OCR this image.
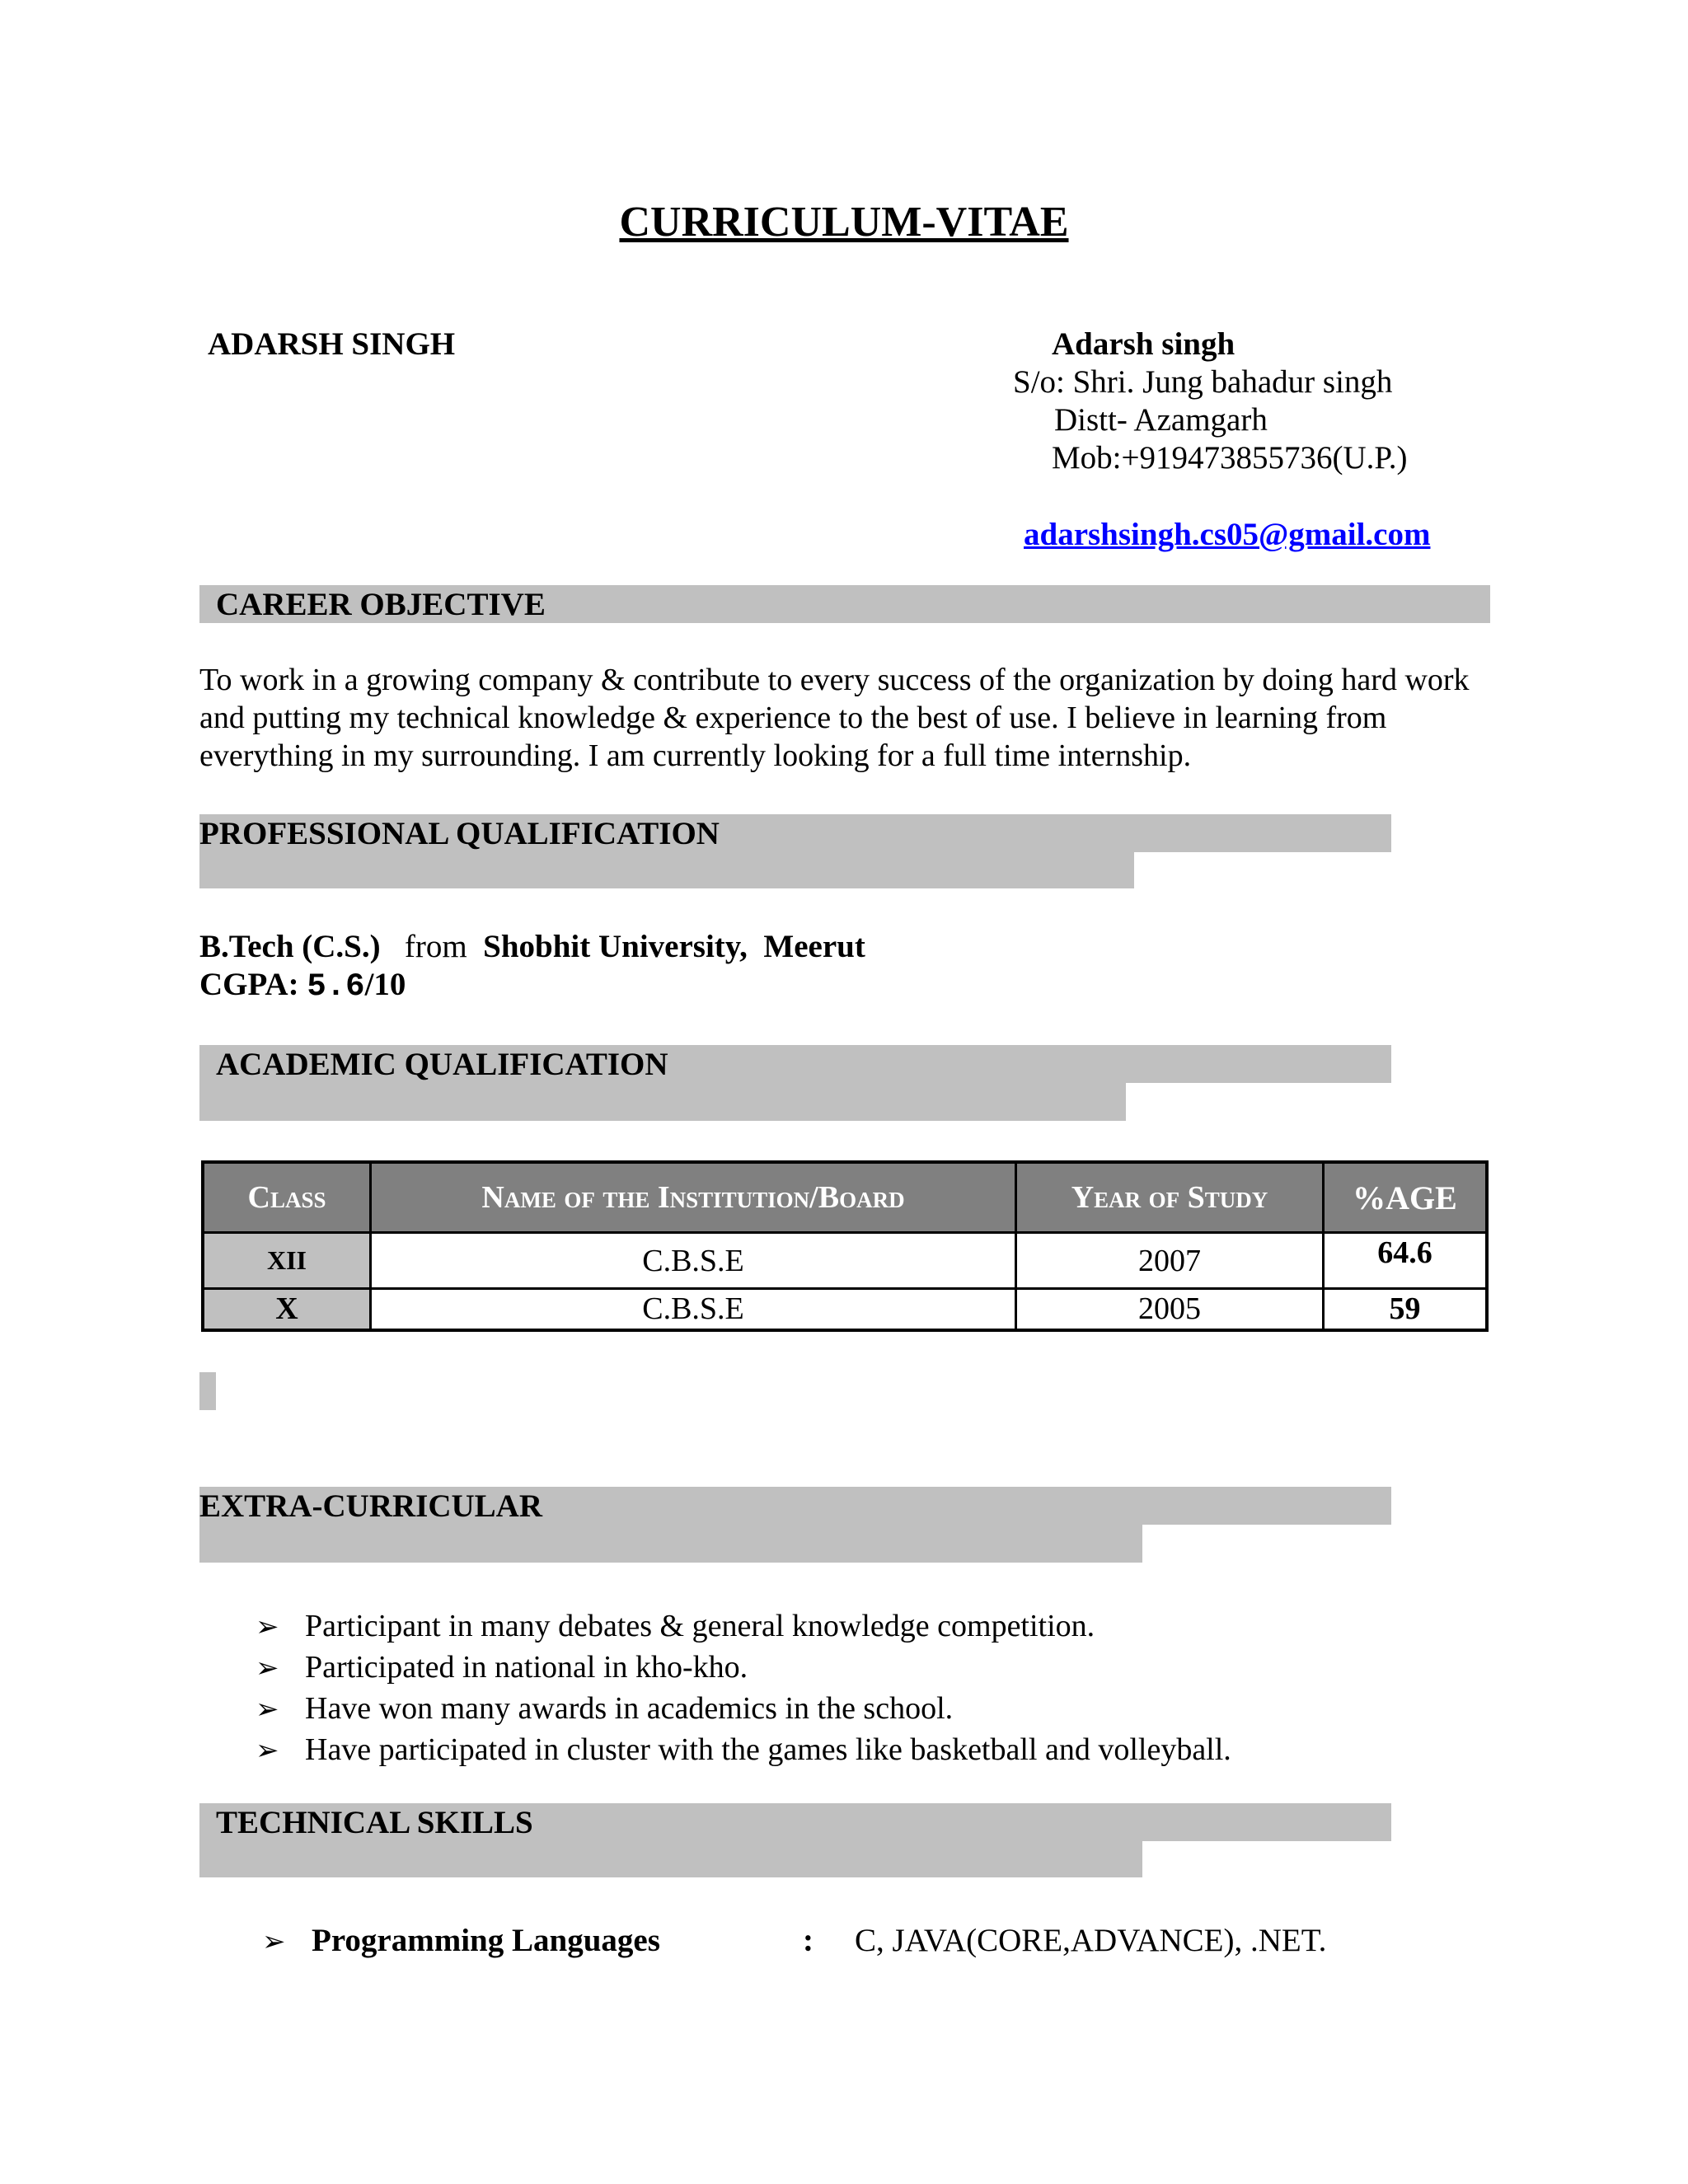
CURRICULUM-VITAE
ADARSH SINGH	Adarsh singh
S/o: Shri. Jung bahadur singh
Distt- Azamgarh
Mob:+919473855736(U.P.)
adarshsingh.cs05@gmail.com
CAREER OBJECTIVE
To work in a growing company & contribute to every success of the organization by doing hard work and putting my technical knowledge & experience to the best of use. I believe in learning from everything in my surrounding. I am currently looking for a full time internship.
PROFESSIONAL QUALIFICATION
B.Tech (C.S.) from Shobhit University,  Meerut
CGPA: 5.6/10
ACADEMIC QUALIFICATION
Class	Name of the Institution/Board	Year of Study	%AGE
XII	C.B.S.E	2007	64.6
X	C.B.S.E	2005	59
EXTRA-CURRICULAR
➢ Participant in many debates & general knowledge competition.
➢ Participated in national in kho-kho.
➢ Have won many awards in academics in the school.
➢ Have participated in cluster with the games like basketball and volleyball.
TECHNICAL SKILLS
➢ Programming Languages	: C, JAVA(CORE,ADVANCE), .NET.
